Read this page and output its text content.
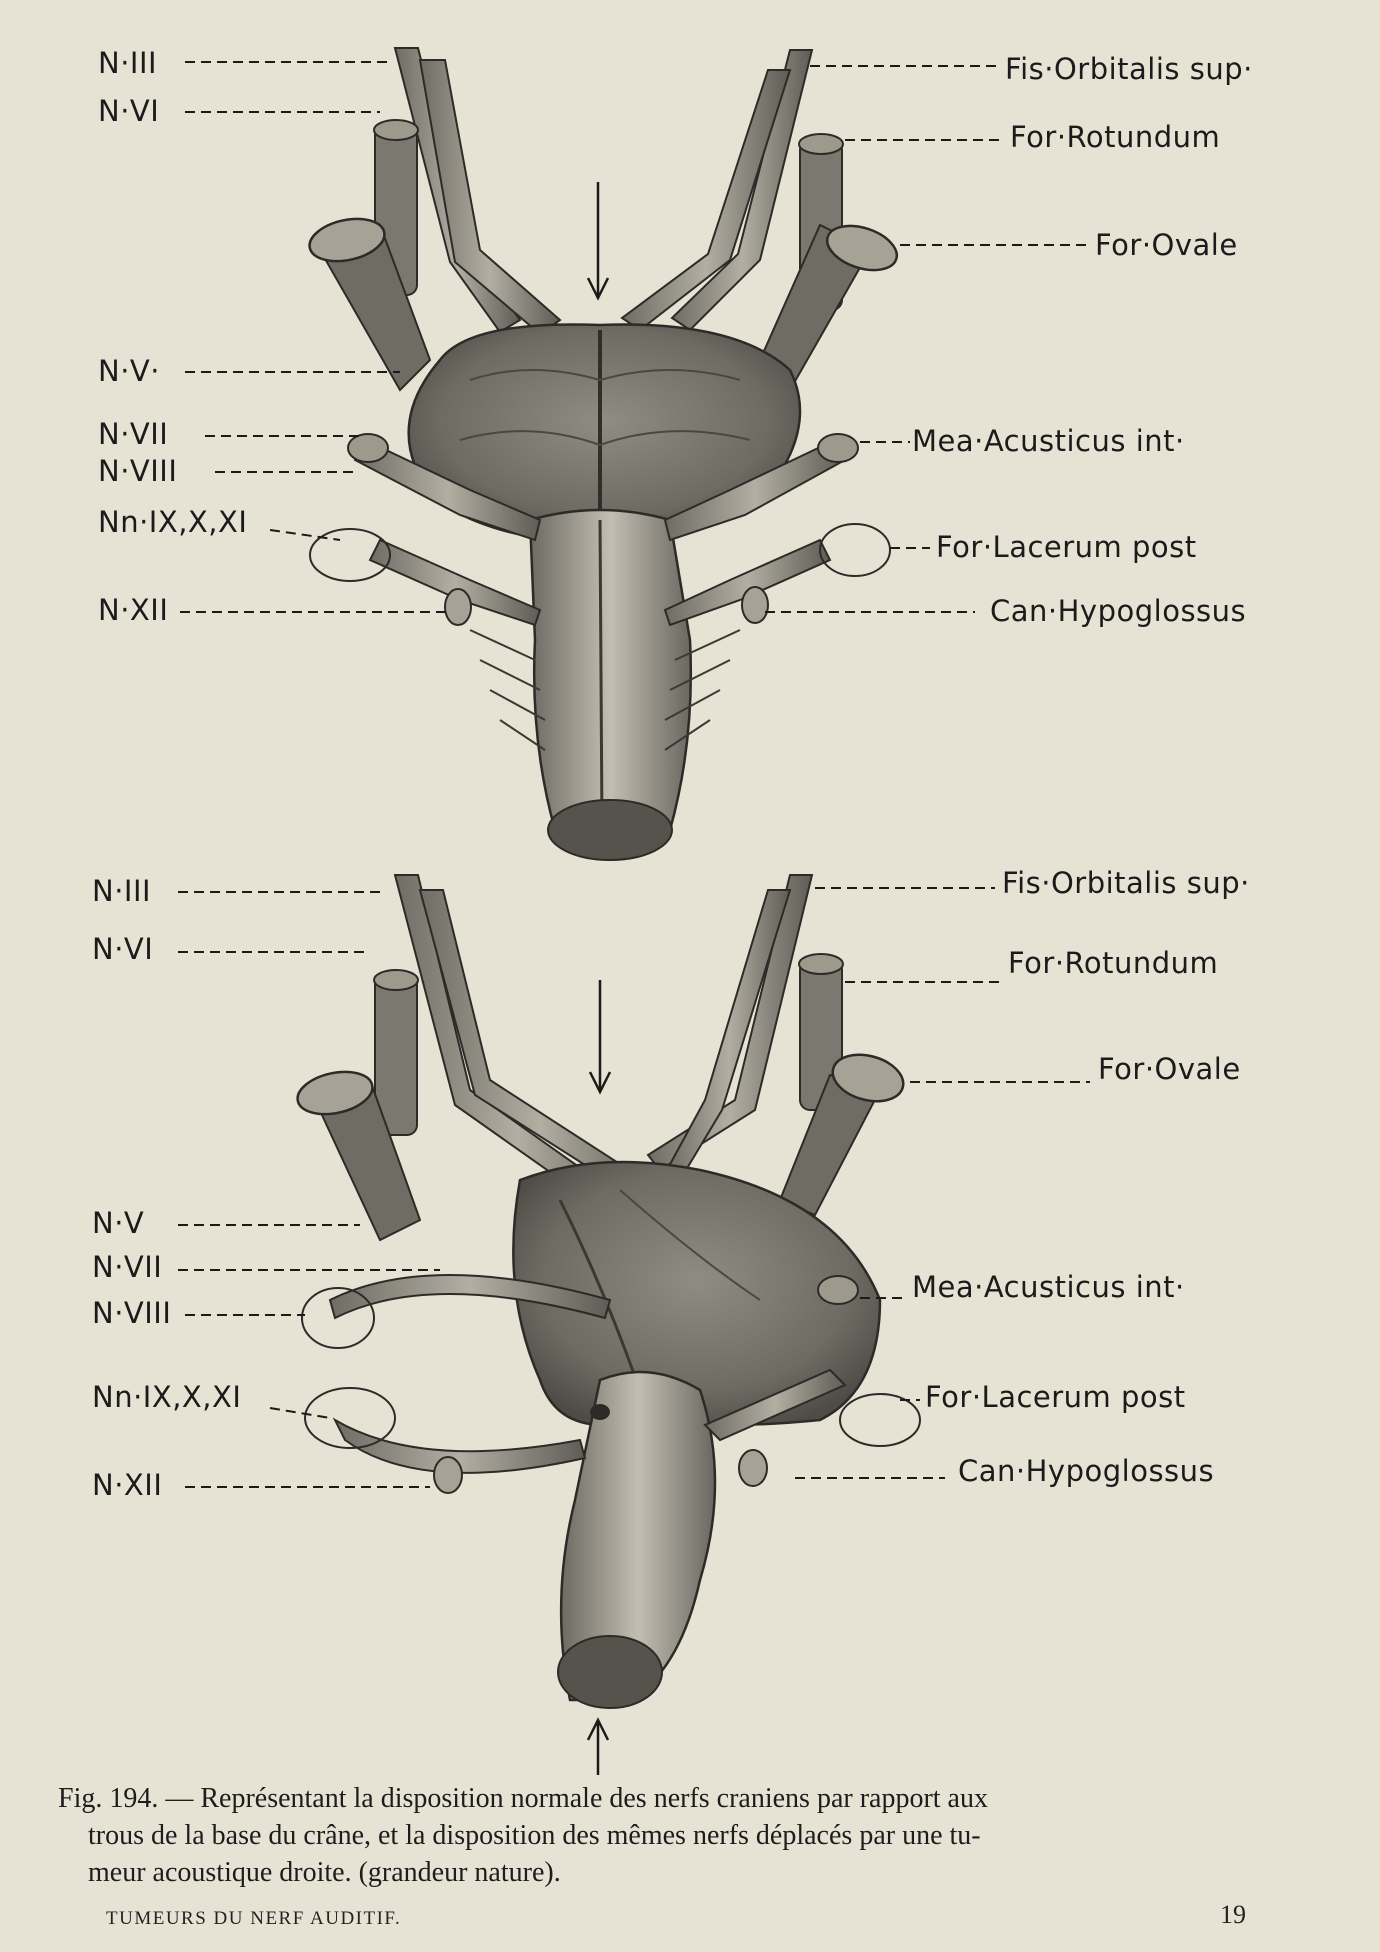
N·III
N·VI
N·V·
N·VII
N·VIII
Nn·IX,X,XI
N·XII
Fis·Orbitalis sup·
For·Rotundum
For·Ovale
Mea·Acusticus int·
For·Lacerum post
Can·Hypoglossus
N·III
N·VI
N·V
N·VII
N·VIII
Nn·IX,X,XI
N·XII
Fis·Orbitalis sup·
For·Rotundum
For·Ovale
Mea·Acusticus int·
For·Lacerum post
Can·Hypoglossus
Fig. 194. — Représentant la disposition normale des nerfs craniens par rapport aux
trous de la base du crâne, et la disposition des mêmes nerfs déplacés par une tu-
meur acoustique droite. (grandeur nature).
TUMEURS DU NERF AUDITIF.	19
